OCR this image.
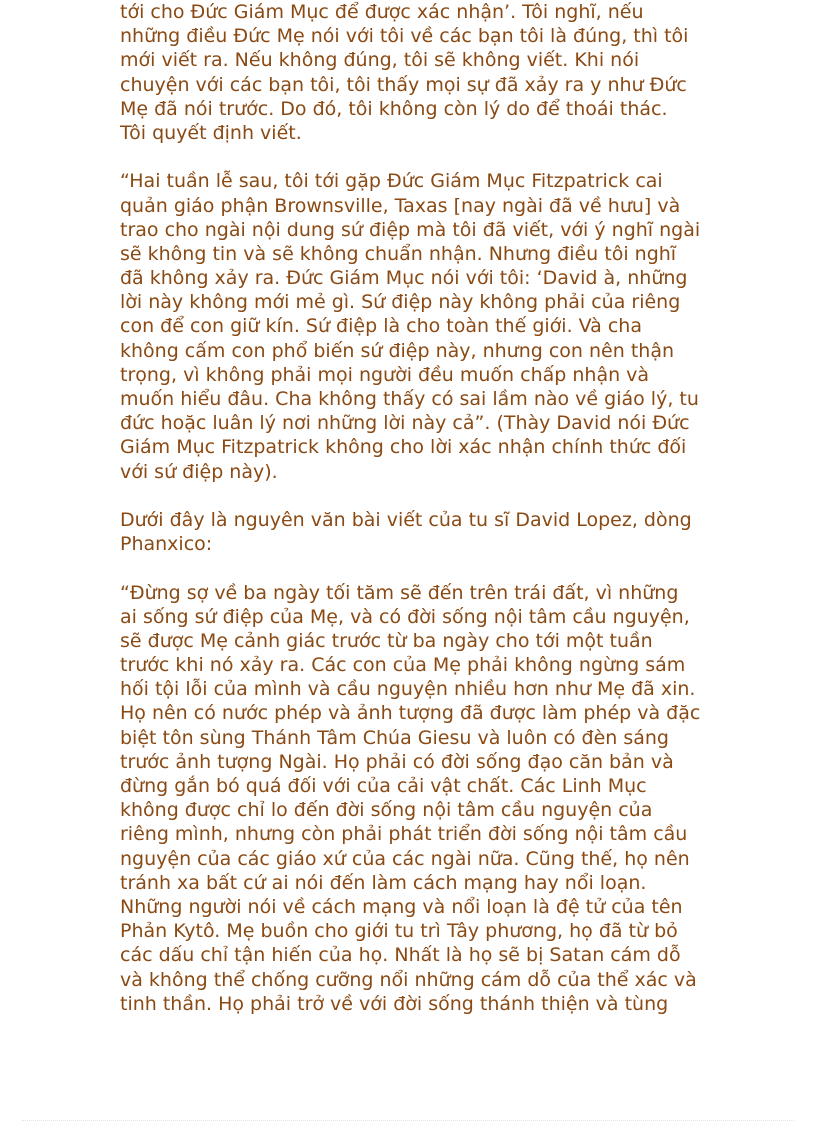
tới cho Đức Giám Mục để được xác nhận’. Tôi nghĩ, nếu
những điều Đức Mẹ nói với tôi về các bạn tôi là đúng, thì tôi
mới viết ra. Nếu không đúng, tôi sẽ không viết. Khi nói
chuyện với các bạn tôi, tôi thấy mọi sự đã xảy ra y như Đức
Mẹ đã nói trước. Do đó, tôi không còn lý do để thoái thác.
Tôi quyết định viết.
“Hai tuần lễ sau, tôi tới gặp Đức Giám Mục Fitzpatrick cai
quản giáo phận Brownsville, Taxas [nay ngài đã về hưu] và
trao cho ngài nội dung sứ điệp mà tôi đã viết, với ý nghĩ ngài
sẽ không tin và sẽ không chuẩn nhận. Nhưng điều tôi nghĩ
đã không xảy ra. Đức Giám Mục nói với tôi: ‘David à, những
lời này không mới mẻ gì. Sứ điệp này không phải của riêng
con để con giữ kín. Sứ điệp là cho toàn thế giới. Và cha
không cấm con phổ biến sứ điệp này, nhưng con nên thận
trọng, vì không phải mọi người đều muốn chấp nhận và
muốn hiểu đâu. Cha không thấy có sai lầm nào về giáo lý, tu
đức hoặc luân lý nơi những lời này cả”. (Thày David nói Đức
Giám Mục Fitzpatrick không cho lời xác nhận chính thức đối
với sứ điệp này).
Dưới đây là nguyên văn bài viết của tu sĩ David Lopez, dòng
Phanxico:
“Đừng sợ về ba ngày tối tăm sẽ đến trên trái đất, vì những
ai sống sứ điệp của Mẹ, và có đời sống nội tâm cầu nguyện,
sẽ được Mẹ cảnh giác trước từ ba ngày cho tới một tuần
trước khi nó xảy ra. Các con của Mẹ phải không ngừng sám
hối tội lỗi của mình và cầu nguyện nhiều hơn như Mẹ đã xin.
Họ nên có nước phép và ảnh tượng đã được làm phép và đặc
biệt tôn sùng Thánh Tâm Chúa Giesu và luôn có đèn sáng
trước ảnh tượng Ngài. Họ phải có đời sống đạo căn bản và
đừng gắn bó quá đối với của cải vật chất. Các Linh Mục
không được chỉ lo đến đời sống nội tâm cầu nguyện của
riêng mình, nhưng còn phải phát triển đời sống nội tâm cầu
nguyện của các giáo xứ của các ngài nữa. Cũng thế, họ nên
tránh xa bất cứ ai nói đến làm cách mạng hay nổi loạn.
Những người nói về cách mạng và nổi loạn là đệ tử của tên
Phản Kytô. Mẹ buồn cho giới tu trì Tây phương, họ đã từ bỏ
các dấu chỉ tận hiến của họ. Nhất là họ sẽ bị Satan cám dỗ
và không thể chống cưỡng nổi những cám dỗ của thể xác và
tinh thần. Họ phải trở về với đời sống thánh thiện và tùng
